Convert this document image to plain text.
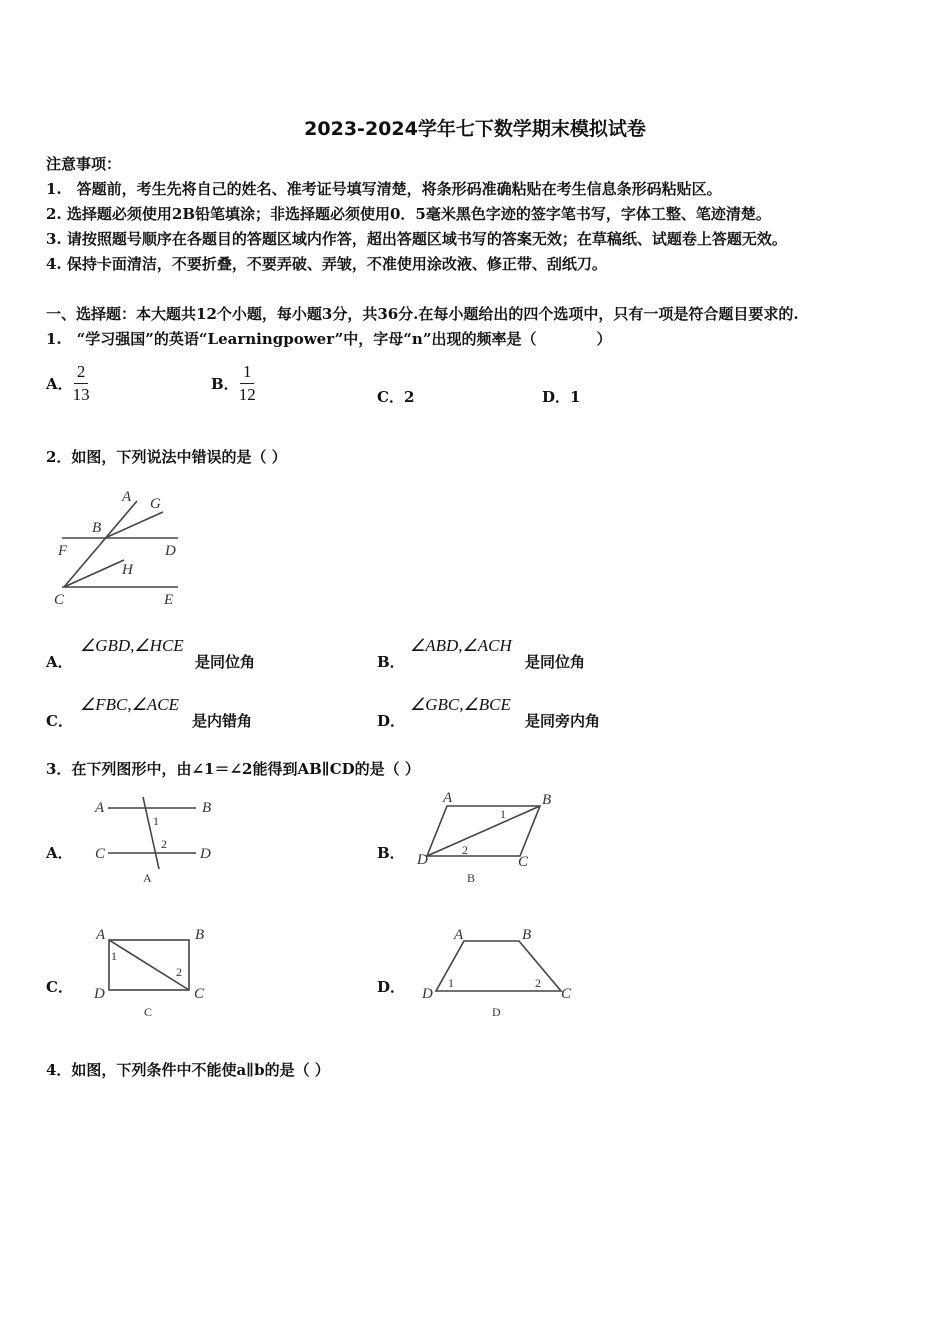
2023-2024学年七下数学期末模拟试卷
注意事项：
1.　答题前，考生先将自己的姓名、准考证号填写清楚，将条形码准确粘贴在考生信息条形码粘贴区。
2. 选择题必须使用2B铅笔填涂；非选择题必须使用0．5毫米黑色字迹的签字笔书写，字体工整、笔迹清楚。
3. 请按照题号顺序在各题目的答题区域内作答，超出答题区域书写的答案无效；在草稿纸、试题卷上答题无效。
4. 保持卡面清洁，不要折叠，不要弄破、弄皱，不准使用涂改液、修正带、刮纸刀。
一、选择题：本大题共12个小题，每小题3分，共36分.在每小题给出的四个选项中，只有一项是符合题目要求的.
1.　“学习强国”的英语“Learningpower”中，字母“n”出现的频率是（　　　　）
A． $\frac{2}{13}$	B． $\frac{1}{12}$	C．2	D．1
2．如图，下列说法中错误的是（ ）
A G
B
F	D
H
C	E
A．
∠GBD,∠HCE
是同位角	B．
∠ABD,∠ACH
是同位角
C．
∠FBC,∠ACE
是内错角	D．
∠GBC,∠BCE
是同旁内角
3．在下列图形中，由∠1＝∠2能得到AB∥CD的是（ ）
A．
A	B
C	D
1
2
A
B．
A	B
D	C
1
2
B
C．
A	B
D	C
1
2
C
D．
A	B
D	C
1	2
D
4．如图，下列条件中不能使a∥b的是（ ）
